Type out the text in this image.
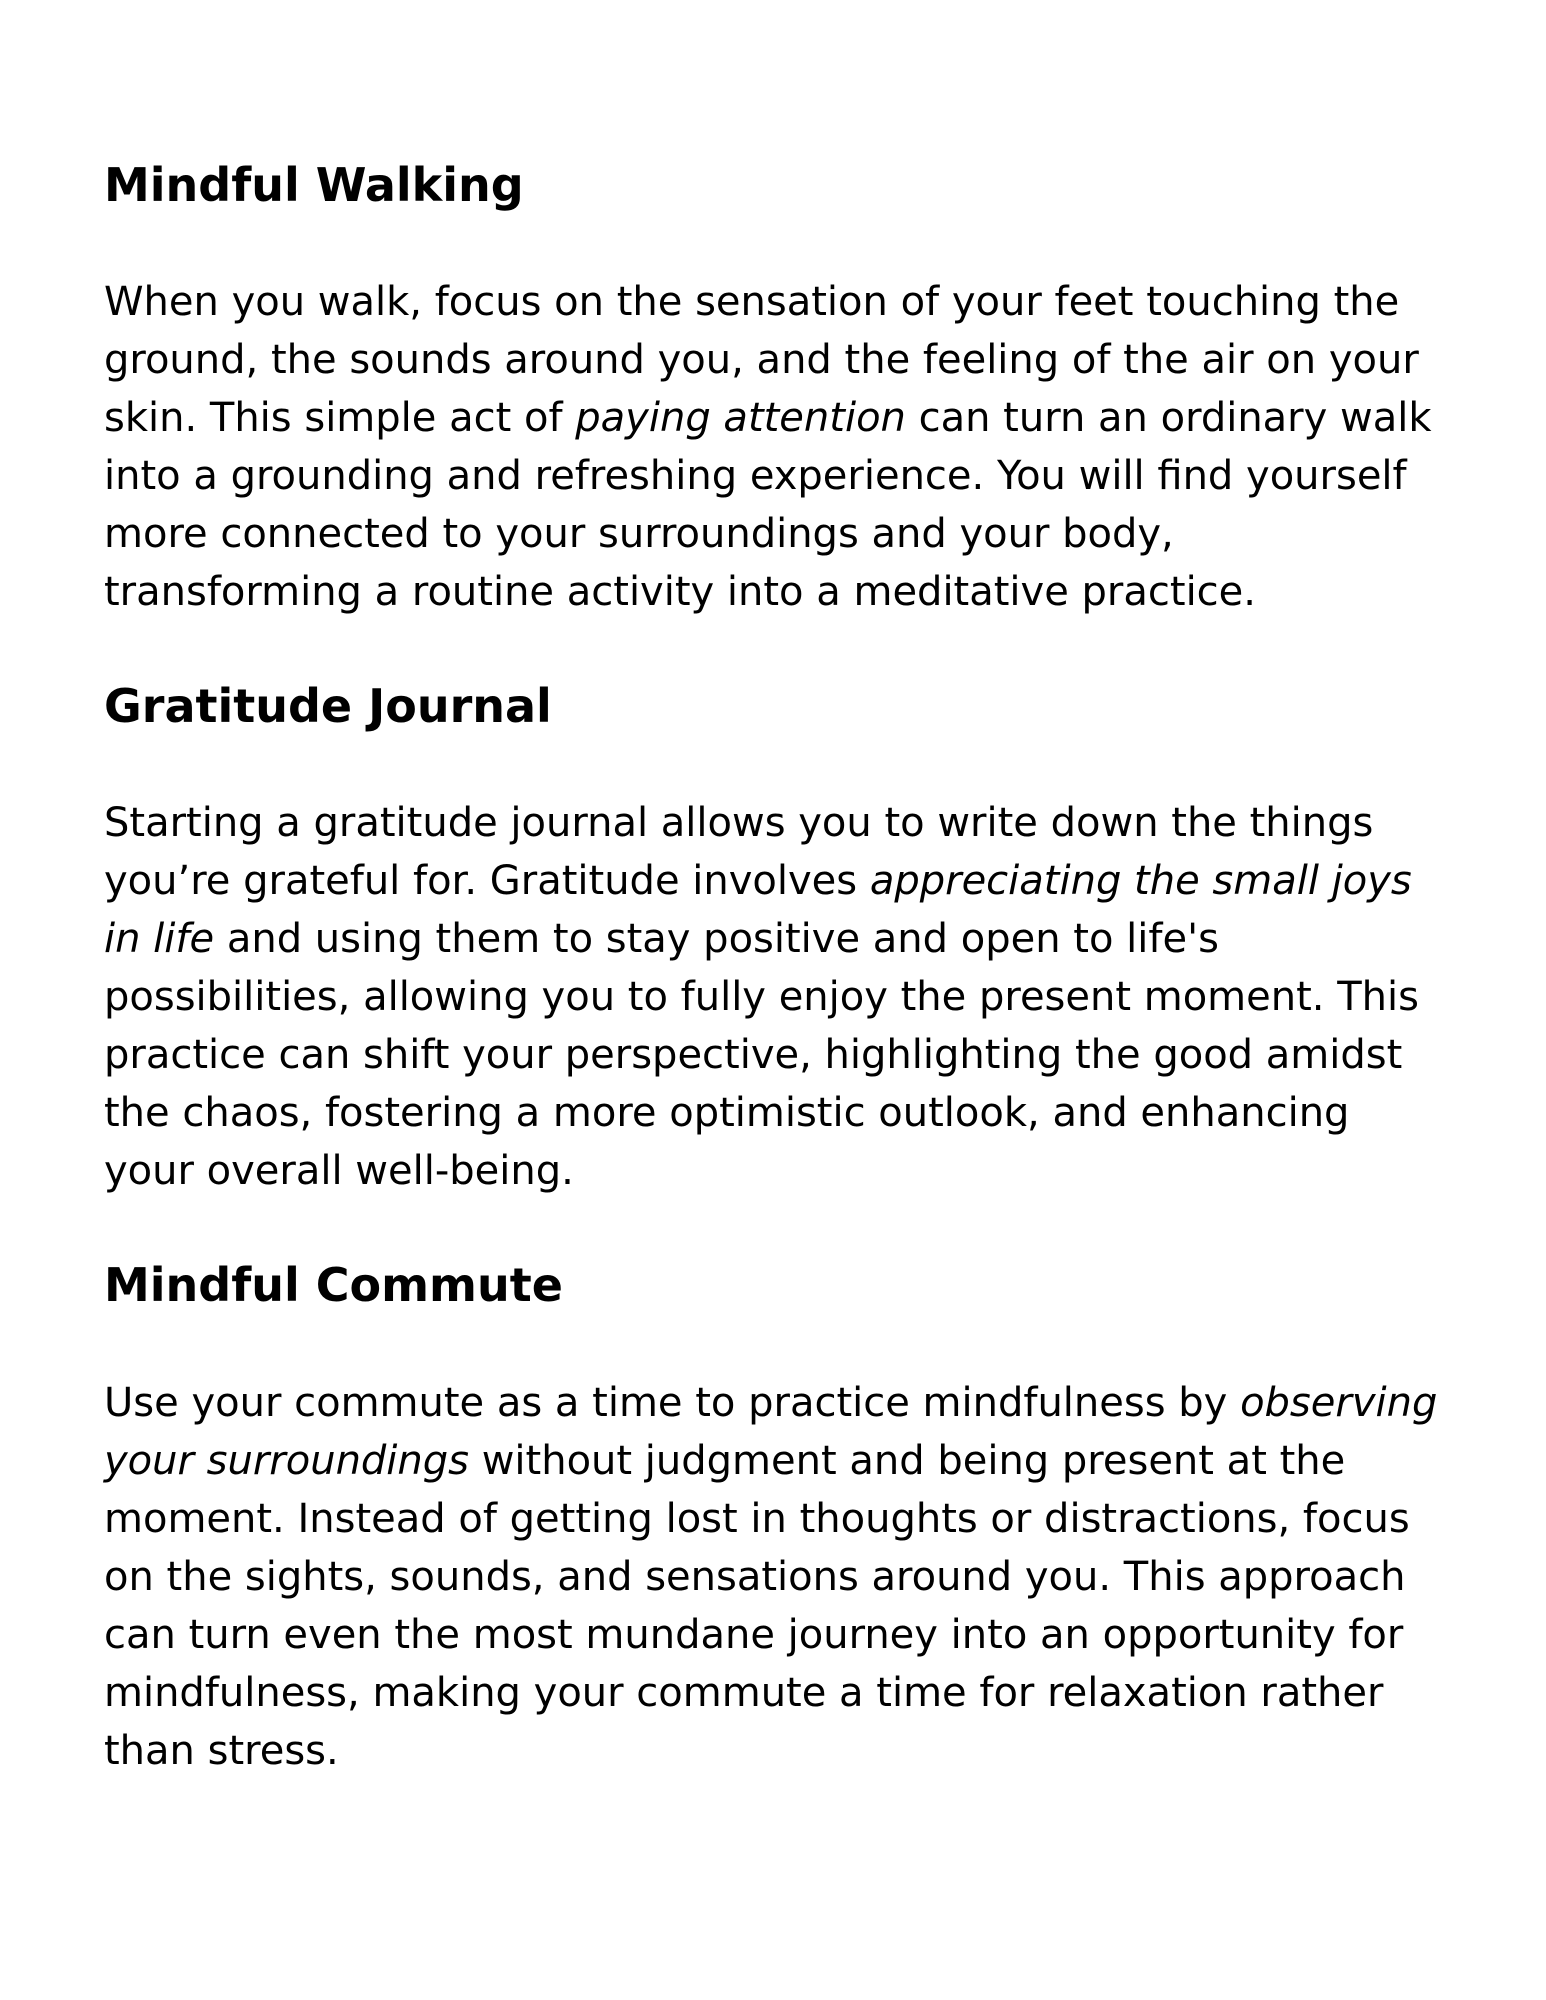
Mindful Walking

When you walk, focus on the sensation of your feet touching the ground, the sounds around you, and the feeling of the air on your skin. This simple act of paying attention can turn an ordinary walk into a grounding and refreshing experience. You will find yourself more connected to your surroundings and your body, transforming a routine activity into a meditative practice.

Gratitude Journal

Starting a gratitude journal allows you to write down the things you’re grateful for. Gratitude involves appreciating the small joys in life and using them to stay positive and open to life's possibilities, allowing you to fully enjoy the present moment. This practice can shift your perspective, highlighting the good amidst the chaos, fostering a more optimistic outlook, and enhancing your overall well-being.

Mindful Commute

Use your commute as a time to practice mindfulness by observing your surroundings without judgment and being present at the moment. Instead of getting lost in thoughts or distractions, focus on the sights, sounds, and sensations around you. This approach can turn even the most mundane journey into an opportunity for mindfulness, making your commute a time for relaxation rather than stress.
